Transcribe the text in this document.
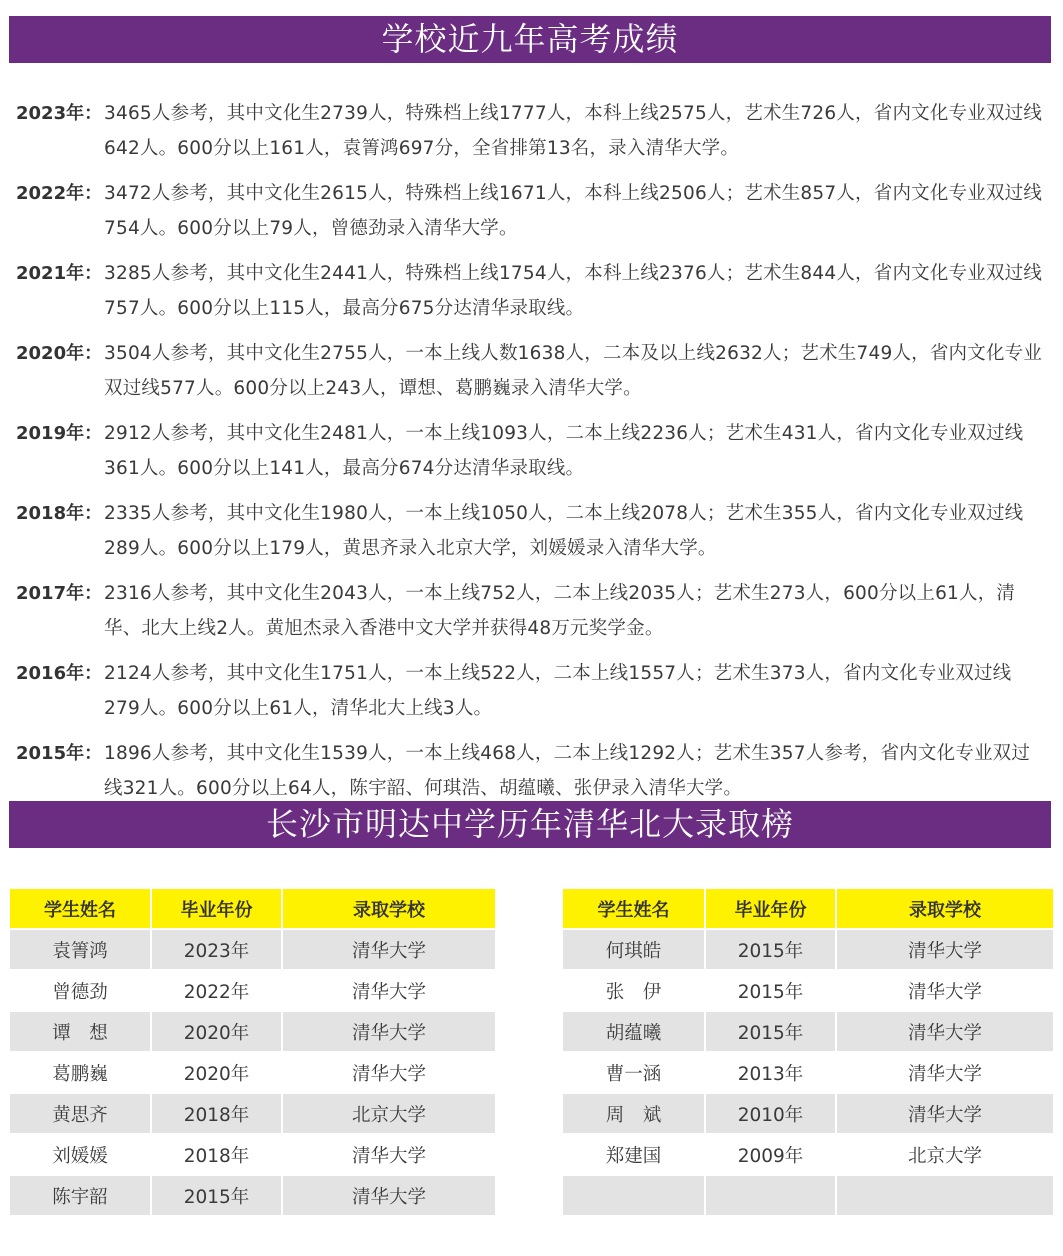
学校近九年高考成绩
2023年： 3465人参考，其中文化生2739人，特殊档上线1777人，本科上线2575人，艺术生726人，省内文化专业双过线642人。600分以上161人，袁箐鸿697分，全省排第13名，录入清华大学。
2022年： 3472人参考，其中文化生2615人，特殊档上线1671人，本科上线2506人；艺术生857人，省内文化专业双过线754人。600分以上79人，曾德劲录入清华大学。
2021年： 3285人参考，其中文化生2441人，特殊档上线1754人，本科上线2376人；艺术生844人，省内文化专业双过线757人。600分以上115人，最高分675分达清华录取线。
2020年： 3504人参考，其中文化生2755人，一本上线人数1638人，二本及以上线2632人；艺术生749人，省内文化专业双过线577人。600分以上243人，谭想、葛鹏巍录入清华大学。
2019年： 2912人参考，其中文化生2481人，一本上线1093人，二本上线2236人；艺术生431人，省内文化专业双过线361人。600分以上141人，最高分674分达清华录取线。
2018年： 2335人参考，其中文化生1980人，一本上线1050人，二本上线2078人；艺术生355人，省内文化专业双过线289人。600分以上179人，黄思齐录入北京大学，刘媛媛录入清华大学。
2017年： 2316人参考，其中文化生2043人，一本上线752人，二本上线2035人；艺术生273人，600分以上61人，清华、北大上线2人。黄旭杰录入香港中文大学并获得48万元奖学金。
2016年： 2124人参考，其中文化生1751人，一本上线522人，二本上线1557人；艺术生373人，省内文化专业双过线279人。600分以上61人，清华北大上线3人。
2015年： 1896人参考，其中文化生1539人，一本上线468人，二本上线1292人；艺术生357人参考，省内文化专业双过线321人。600分以上64人，陈宇韶、何琪浩、胡蕴曦、张伊录入清华大学。
长沙市明达中学历年清华北大录取榜
学生姓名	毕业年份	录取学校
袁箐鸿	2023年	清华大学
曾德劲	2022年	清华大学
谭　想	2020年	清华大学
葛鹏巍	2020年	清华大学
黄思齐	2018年	北京大学
刘媛媛	2018年	清华大学
陈宇韶	2015年	清华大学
学生姓名	毕业年份	录取学校
何琪皓	2015年	清华大学
张　伊	2015年	清华大学
胡蕴曦	2015年	清华大学
曹一涵	2013年	清华大学
周　斌	2010年	清华大学
郑建国	2009年	北京大学
